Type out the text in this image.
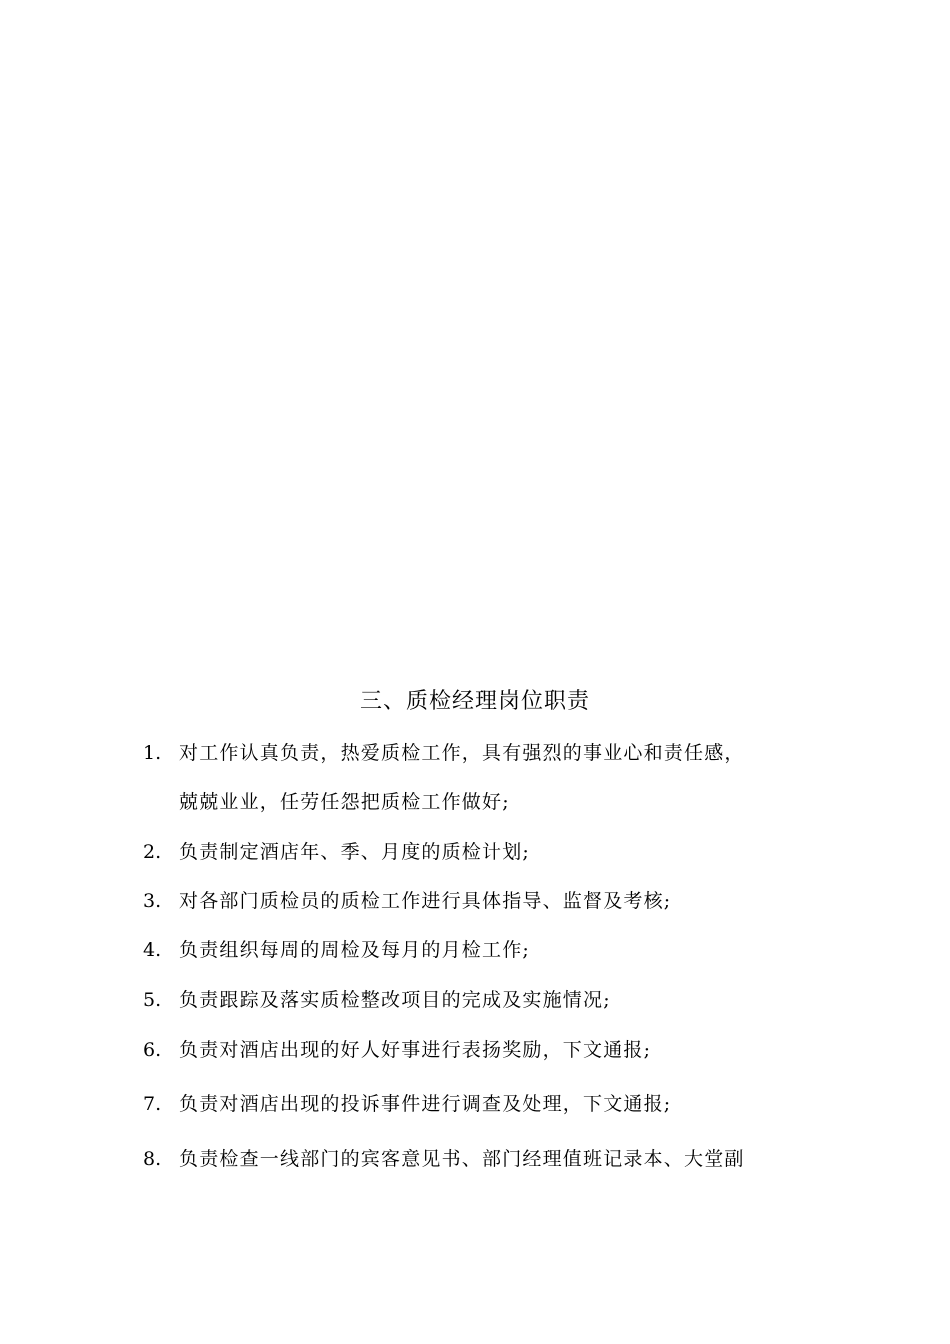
三、质检经理岗位职责
1. 对工作认真负责，热爱质检工作，具有强烈的事业心和责任感，
兢兢业业，任劳任怨把质检工作做好;
2. 负责制定酒店年、季、月度的质检计划;
3. 对各部门质检员的质检工作进行具体指导、监督及考核;
4. 负责组织每周的周检及每月的月检工作;
5. 负责跟踪及落实质检整改项目的完成及实施情况;
6. 负责对酒店出现的好人好事进行表扬奖励，下文通报;
7. 负责对酒店出现的投诉事件进行调查及处理，下文通报;
8. 负责检查一线部门的宾客意见书、部门经理值班记录本、大堂副
